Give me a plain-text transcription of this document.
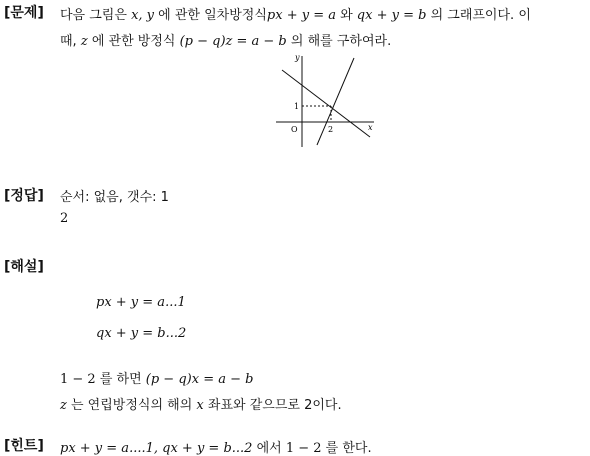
[문제] 다음 그림은 x, y 에 관한 일차방정식px + y = a 와 qx + y = b 의 그래프이다. 이
때, z 에 관한 방정식 (p − q)z = a − b 의 해를 구하여라.
y
x
O
1
2
[정답] 순서: 없음, 갯수: 1
2
[해설]
px + y = a...1
qx + y = b...2
1 − 2 를 하면 (p − q)x = a − b
z 는 연립방정식의 해의 x 좌표와 같으므로 2이다.
[힌트] px + y = a....1, qx + y = b...2 에서 1 − 2 를 한다.
